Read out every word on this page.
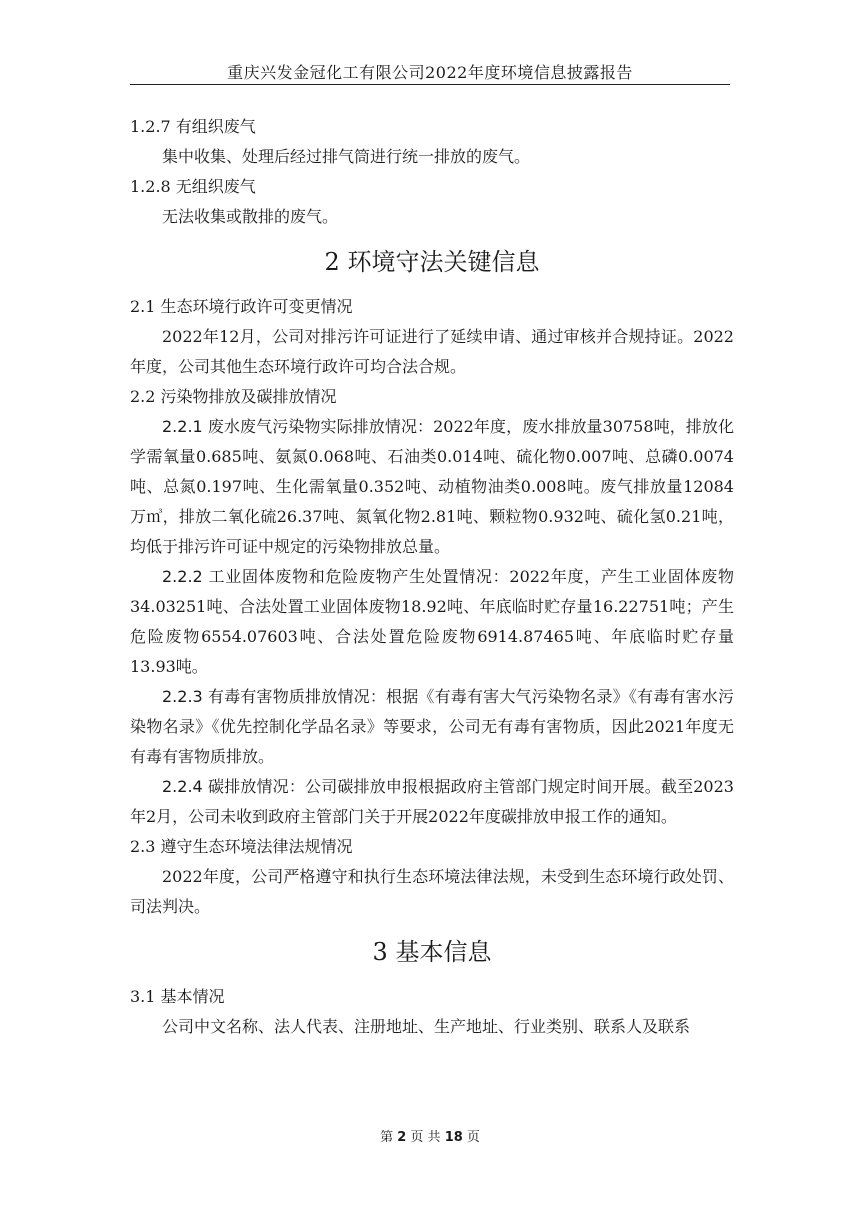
重庆兴发金冠化工有限公司2022年度环境信息披露报告
1.2.7 有组织废气
集中收集、处理后经过排气筒进行统一排放的废气。
1.2.8 无组织废气
无法收集或散排的废气。
2 环境守法关键信息
2.1 生态环境行政许可变更情况
2022年12月，公司对排污许可证进行了延续申请、通过审核并合规持证。2022年度，公司其他生态环境行政许可均合法合规。
2.2 污染物排放及碳排放情况
2.2.1 废水废气污染物实际排放情况：2022年度，废水排放量30758吨，排放化学需氧量0.685吨、氨氮0.068吨、石油类0.014吨、硫化物0.007吨、总磷0.0074吨、总氮0.197吨、生化需氧量0.352吨、动植物油类0.008吨。废气排放量12084万㎥，排放二氧化硫26.37吨、氮氧化物2.81吨、颗粒物0.932吨、硫化氢0.21吨，均低于排污许可证中规定的污染物排放总量。
2.2.2 工业固体废物和危险废物产生处置情况：2022年度，产生工业固体废物34.03251吨、合法处置工业固体废物18.92吨、年底临时贮存量16.22751吨；产生危险废物6554.07603吨、合法处置危险废物6914.87465吨、年底临时贮存量13.93吨。
2.2.3 有毒有害物质排放情况：根据《有毒有害大气污染物名录》《有毒有害水污染物名录》《优先控制化学品名录》等要求，公司无有毒有害物质，因此2021年度无有毒有害物质排放。
2.2.4 碳排放情况：公司碳排放申报根据政府主管部门规定时间开展。截至2023年2月，公司未收到政府主管部门关于开展2022年度碳排放申报工作的通知。
2.3 遵守生态环境法律法规情况
2022年度，公司严格遵守和执行生态环境法律法规，未受到生态环境行政处罚、司法判决。
3 基本信息
3.1 基本情况
公司中文名称、法人代表、注册地址、生产地址、行业类别、联系人及联系
第 2 页 共 18 页
